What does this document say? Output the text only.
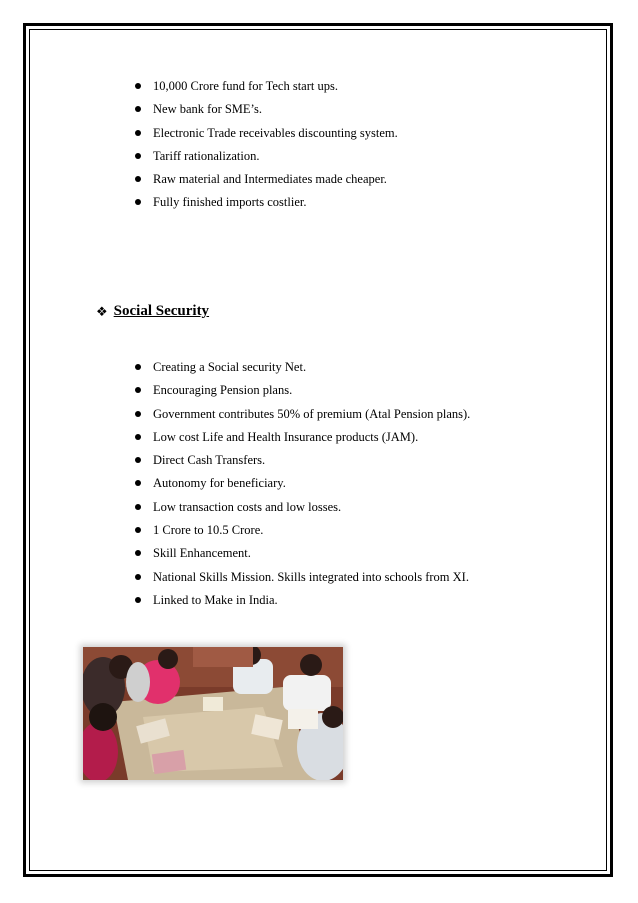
10,000 Crore fund for Tech start ups.
New bank for SME’s.
Electronic Trade receivables discounting system.
Tariff rationalization.
Raw material and Intermediates made cheaper.
Fully finished imports costlier.
❖ Social Security
Creating a Social security Net.
Encouraging Pension plans.
Government contributes 50% of premium (Atal Pension plans).
Low cost Life and Health Insurance products (JAM).
Direct Cash Transfers.
Autonomy for beneficiary.
Low transaction costs and low losses.
1 Crore to 10.5 Crore.
Skill Enhancement.
National Skills Mission. Skills integrated into schools from XI.
Linked to Make in India.
